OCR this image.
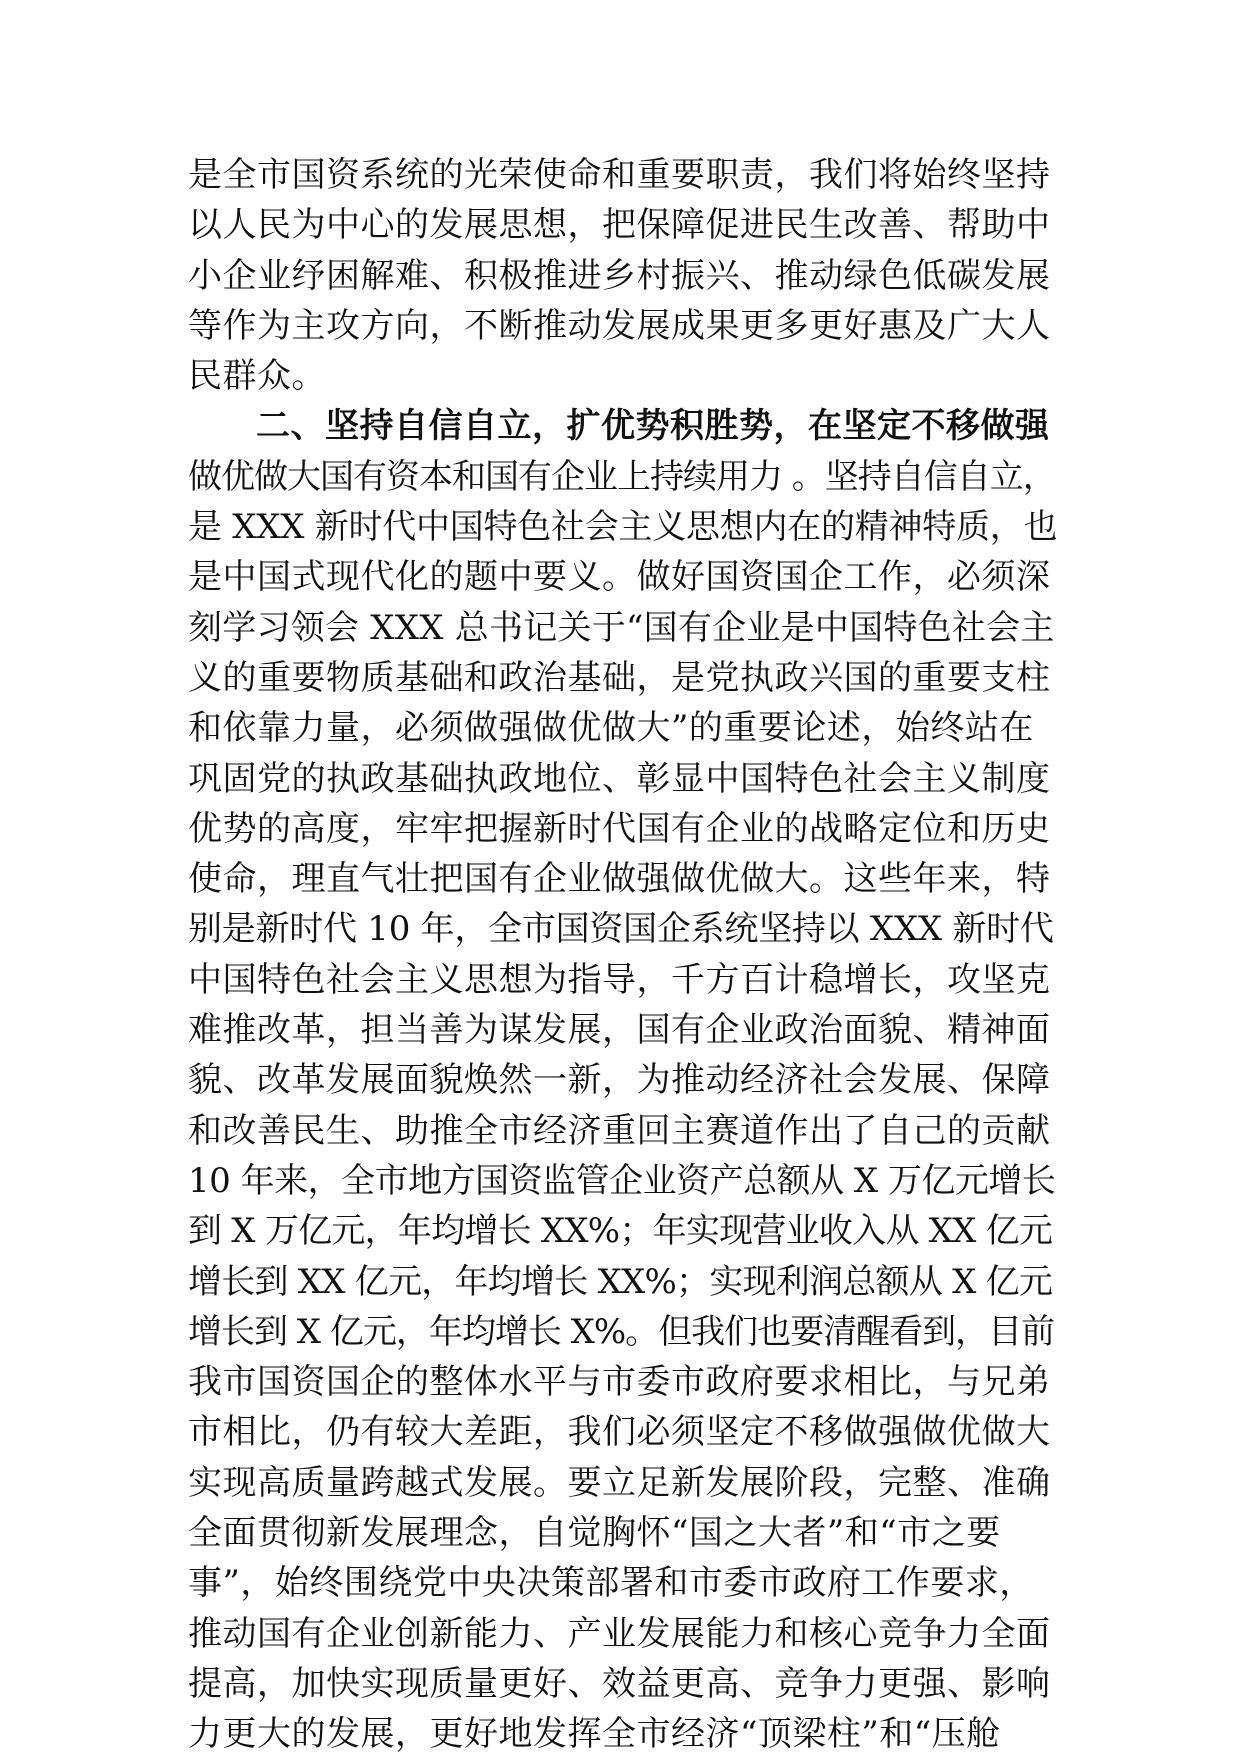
是全市国资系统的光荣使命和重要职责，我们将始终坚持
以人民为中心的发展思想，把保障促进民生改善、帮助中
小企业纾困解难、积极推进乡村振兴、推动绿色低碳发展
等作为主攻方向，不断推动发展成果更多更好惠及广大人
民群众。
二、坚持自信自立，扩优势积胜势，在坚定不移做强
做优做大国有资本和国有企业上持续用力 。坚持自信自立，
是 XXX 新时代中国特色社会主义思想内在的精神特质，也
是中国式现代化的题中要义。做好国资国企工作，必须深
刻学习领会 XXX 总书记关于“国有企业是中国特色社会主
义的重要物质基础和政治基础，是党执政兴国的重要支柱
和依靠力量，必须做强做优做大”的重要论述，始终站在
巩固党的执政基础执政地位、彰显中国特色社会主义制度
优势的高度，牢牢把握新时代国有企业的战略定位和历史
使命，理直气壮把国有企业做强做优做大。这些年来，特
别是新时代 10 年，全市国资国企系统坚持以 XXX 新时代
中国特色社会主义思想为指导，千方百计稳增长，攻坚克
难推改革，担当善为谋发展，国有企业政治面貌、精神面
貌、改革发展面貌焕然一新，为推动经济社会发展、保障
和改善民生、助推全市经济重回主赛道作出了自己的贡献
10 年来，全市地方国资监管企业资产总额从 X 万亿元增长
到 X 万亿元，年均增长 XX%；年实现营业收入从 XX 亿元
增长到 XX 亿元，年均增长 XX%；实现利润总额从 X 亿元
增长到 X 亿元，年均增长 X%。但我们也要清醒看到，目前
我市国资国企的整体水平与市委市政府要求相比，与兄弟
市相比，仍有较大差距，我们必须坚定不移做强做优做大
实现高质量跨越式发展。要立足新发展阶段，完整、准确
全面贯彻新发展理念，自觉胸怀“国之大者”和“市之要
事”，始终围绕党中央决策部署和市委市政府工作要求，
推动国有企业创新能力、产业发展能力和核心竞争力全面
提高，加快实现质量更好、效益更高、竞争力更强、影响
力更大的发展，更好地发挥全市经济“顶梁柱”和“压舱
